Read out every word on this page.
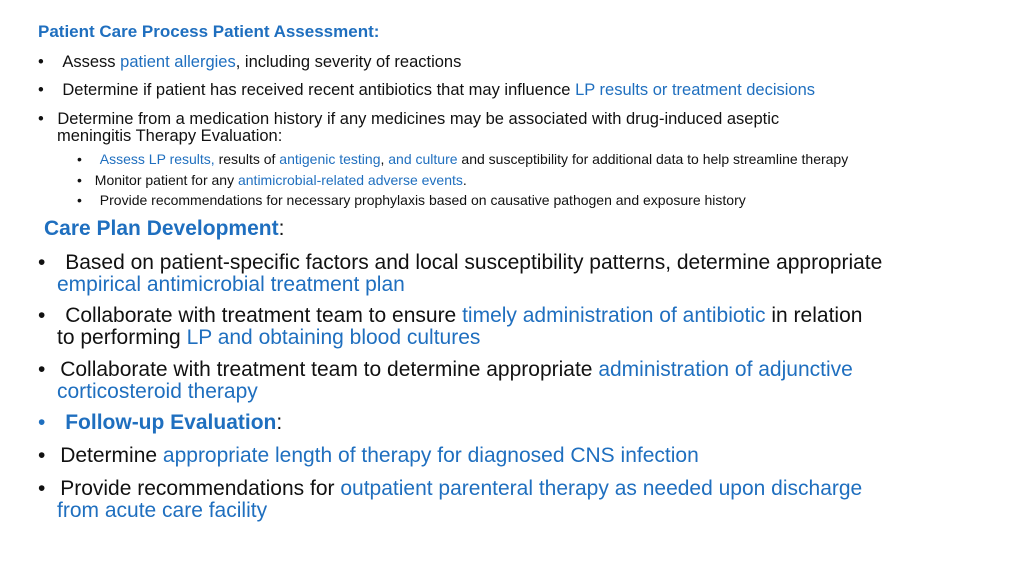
Patient Care Process Patient Assessment:
• Assess patient allergies, including severity of reactions
• Determine if patient has received recent antibiotics that may influence LP results or treatment decisions
• Determine from a medication history if any medicines may be associated with drug-induced aseptic
meningitis Therapy Evaluation:
• Assess LP results, results of antigenic testing, and culture and susceptibility for additional data to help streamline therapy
• Monitor patient for any antimicrobial-related adverse events.
• Provide recommendations for necessary prophylaxis based on causative pathogen and exposure history
Care Plan Development:
• Based on patient-specific factors and local susceptibility patterns, determine appropriate
empirical antimicrobial treatment plan
• Collaborate with treatment team to ensure timely administration of antibiotic in relation
to performing LP and obtaining blood cultures
• Collaborate with treatment team to determine appropriate administration of adjunctive
corticosteroid therapy
• Follow-up Evaluation:
• Determine appropriate length of therapy for diagnosed CNS infection
• Provide recommendations for outpatient parenteral therapy as needed upon discharge
from acute care facility
